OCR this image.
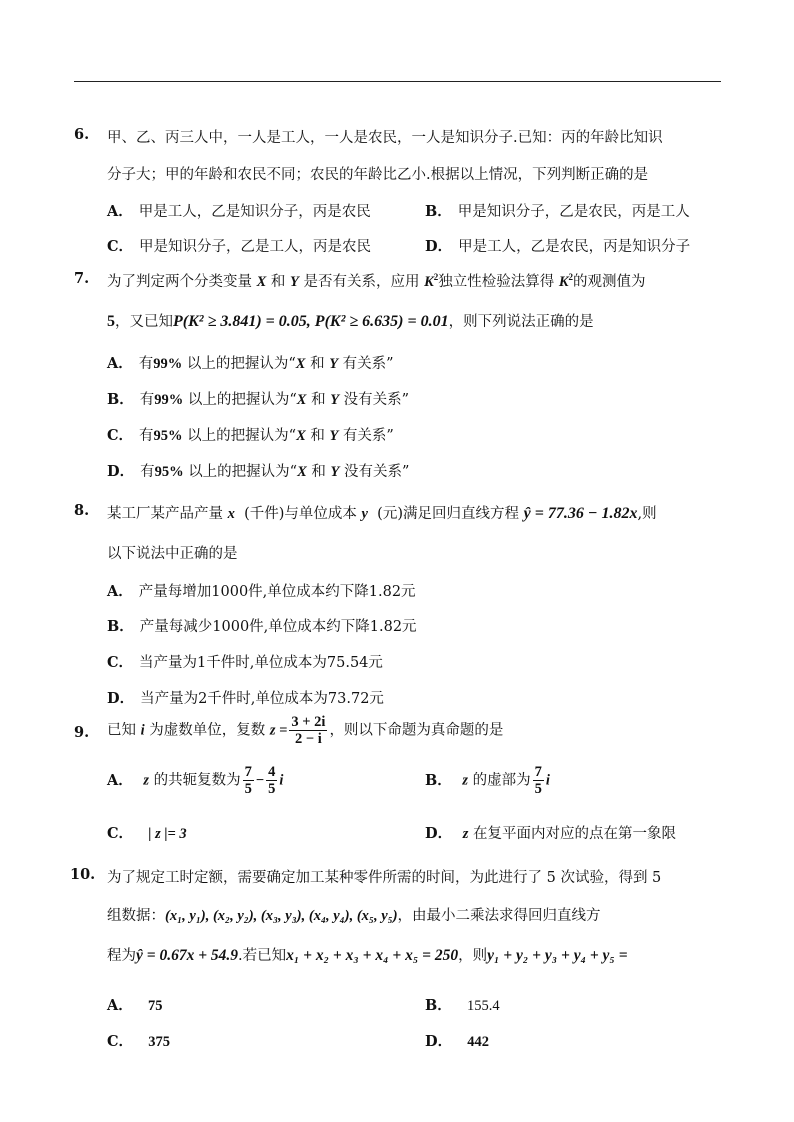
6. 甲、乙、丙三人中，一人是工人，一人是农民，一人是知识分子.已知：丙的年龄比知识
分子大；甲的年龄和农民不同；农民的年龄比乙小.根据以上情况，下列判断正确的是
A． 甲是工人，乙是知识分子，丙是农民	B． 甲是知识分子，乙是农民，丙是工人
C． 甲是知识分子，乙是工人，丙是农民	D． 甲是工人，乙是农民，丙是知识分子
7. 为了判定两个分类变量 X 和 Y 是否有关系，应用 $K^2$独立性检验法算得 $K^2$的观测值为
5，又已知P(K² ≥ 3.841) = 0.05, P(K² ≥ 6.635) = 0.01，则下列说法正确的是
A． 有99% 以上的把握认为“X 和 Y 有关系”
B． 有99% 以上的把握认为“X 和 Y 没有关系”
C． 有95% 以上的把握认为“X 和 Y 有关系”
D． 有95% 以上的把握认为“X 和 Y 没有关系”
8. 某工厂某产品产量 x (千件)与单位成本 y (元)满足回归直线方程 ŷ = 77.36 − 1.82x,则
以下说法中正确的是
A． 产量每增加1000件,单位成本约下降1.82元
B． 产量每减少1000件,单位成本约下降1.82元
C． 当产量为1千件时,单位成本为75.54元
D． 当产量为2千件时,单位成本为73.72元
9. 已知 i 为虚数单位，复数 $z = \frac{3 + 2i}{2 - i}$ ，则以下命题为真命题的是
A． z 的共轭复数为 $\frac{7}{5} - \frac{4}{5}$ i	B． z 的虚部为 $\frac{7}{5}$ i
C． | z |= 3	D． z 在复平面内对应的点在第一象限
10. 为了规定工时定额，需要确定加工某种零件所需的时间，为此进行了 5 次试验，得到 5
组数据：(x₁, y₁), (x₂, y₂), (x₃, y₃), (x₄, y₄), (x₅, y₅)，由最小二乘法求得回归直线方
程为ŷ = 0.67x + 54.9.若已知x₁ + x₂ + x₃ + x₄ + x₅ = 250，则y₁ + y₂ + y₃ + y₄ + y₅ =
A． 75	B． 155.4
C． 375	D． 442
